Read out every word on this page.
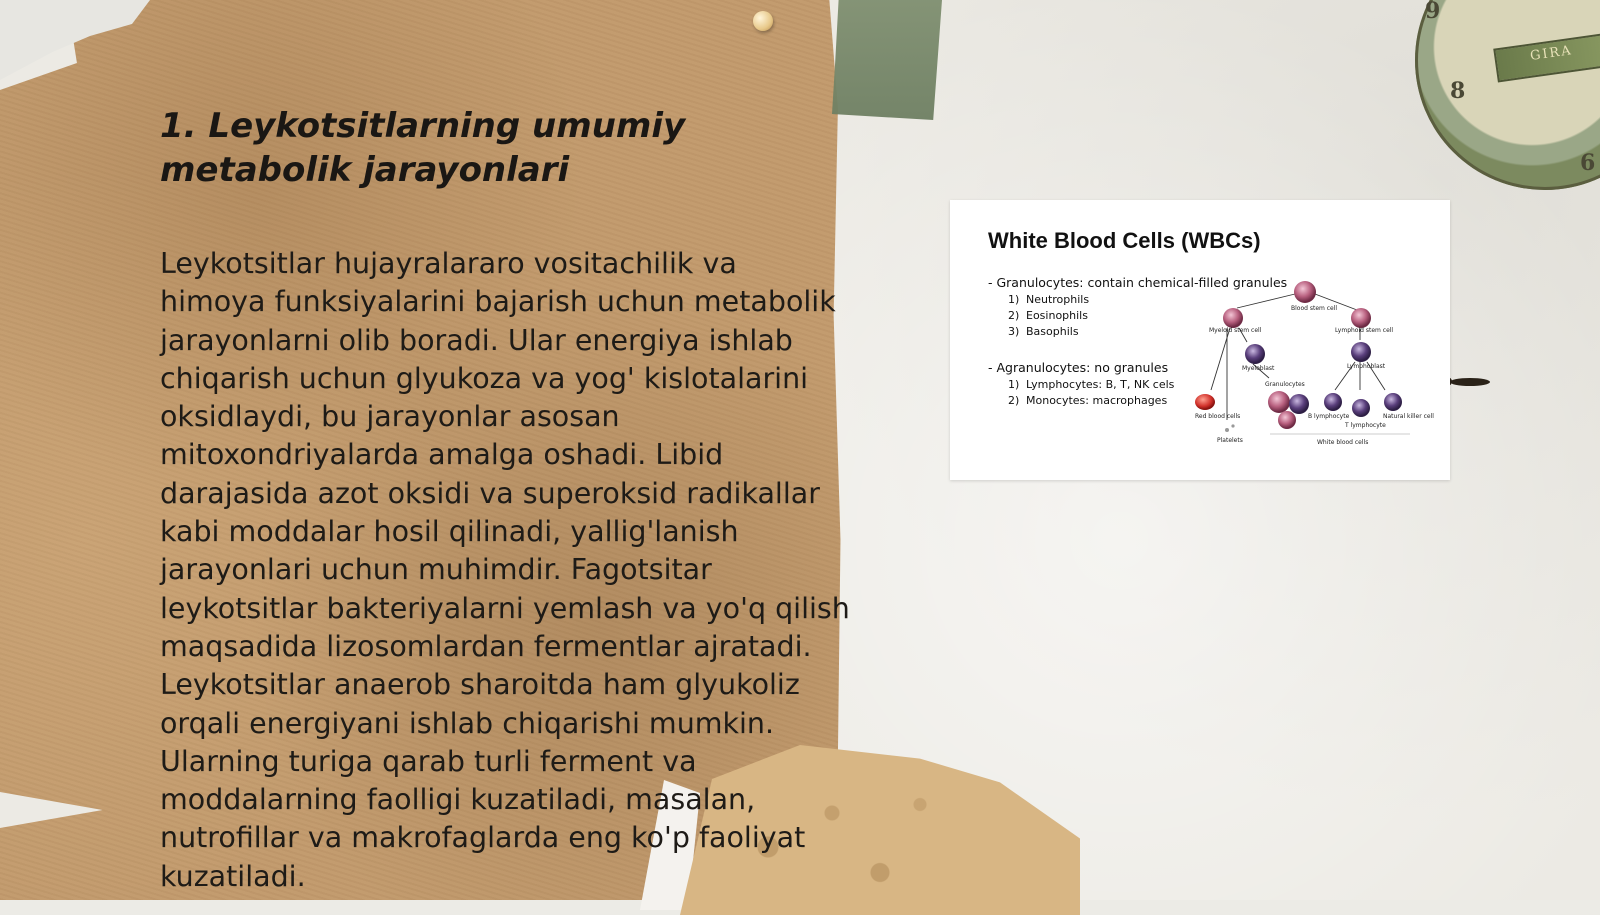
9
8
6
GIRA
1. Leykotsitlarning umumiy metabolik jarayonlari

Leykotsitlar hujayralararo vositachilik va himoya funksiyalarini bajarish uchun metabolik jarayonlarni olib boradi. Ular energiya ishlab chiqarish uchun glyukoza va yog' kislotalarini oksidlaydi, bu jarayonlar asosan mitoxondriyalarda amalga oshadi. Libid darajasida azot oksidi va superoksid radikallar kabi moddalar hosil qilinadi, yallig'lanish jarayonlari uchun muhimdir. Fagotsitar leykotsitlar bakteriyalarni yemlash va yo'q qilish maqsadida lizosomlardan fermentlar ajratadi. Leykotsitlar anaerob sharoitda ham glyukoliz orqali energiyani ishlab chiqarishi mumkin. Ularning turiga qarab turli ferment va moddalarning faolligi kuzatiladi, masalan, nutrofillar va makrofaglarda eng ko'p faoliyat kuzatiladi.

White Blood Cells (WBCs)
- Granulocytes: contain chemical-filled granules
1) Neutrophils
2) Eosinophils
3) Basophils
- Agranulocytes: no granules
1) Lymphocytes: B, T, NK cels
2) Monocytes: macrophages
Blood stem cell
Myeloid stem cell	Lymphoid stem cell
Myeloblast	Lymphoblast
Granulocytes
Red blood cells
Platelets
B lymphocyte
T lymphocyte
Natural killer cell
White blood cells
